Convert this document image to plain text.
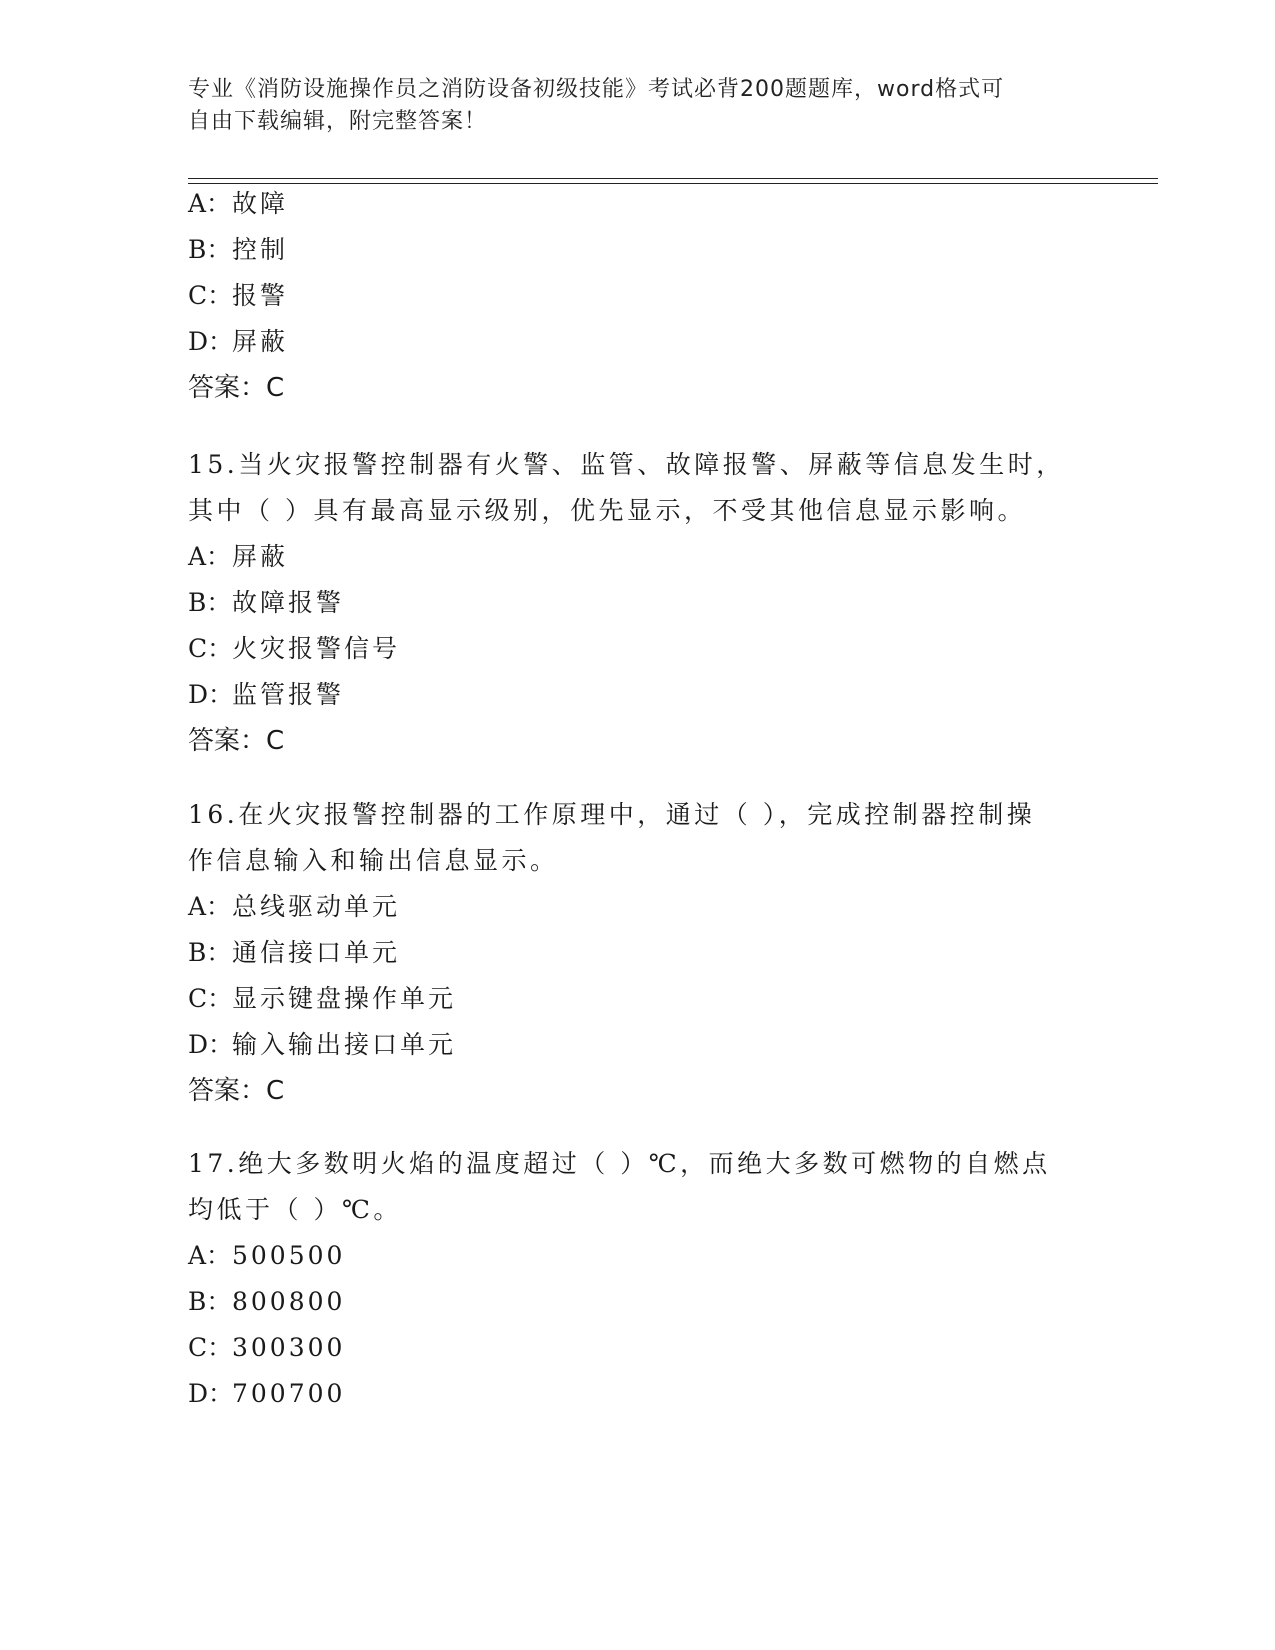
专业《消防设施操作员之消防设备初级技能》考试必背200题题库，word格式可
自由下载编辑，附完整答案！
A：故障
B：控制
C：报警
D：屏蔽
答案：C
15.当火灾报警控制器有火警、监管、故障报警、屏蔽等信息发生时，
其中（ ）具有最高显示级别，优先显示，不受其他信息显示影响。
A：屏蔽
B：故障报警
C：火灾报警信号
D：监管报警
答案：C
16.在火灾报警控制器的工作原理中，通过（ ），完成控制器控制操
作信息输入和输出信息显示。
A：总线驱动单元
B：通信接口单元
C：显示键盘操作单元
D：输入输出接口单元
答案：C
17.绝大多数明火焰的温度超过（ ）℃，而绝大多数可燃物的自燃点
均低于（ ）℃。
A：500500
B：800800
C：300300
D：700700
